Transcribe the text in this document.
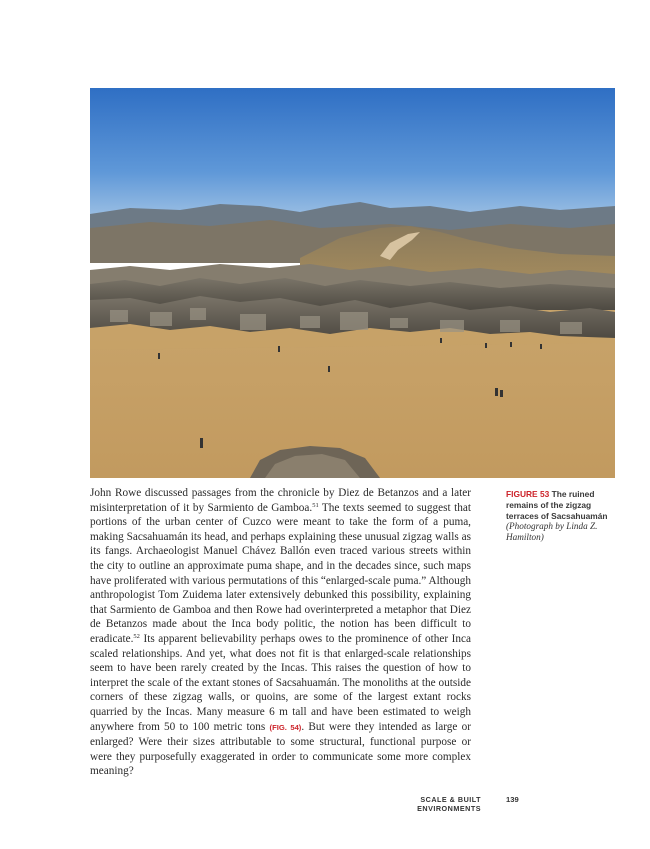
John Rowe discussed passages from the chronicle by Diez de Betanzos and a later misinterpretation of it by Sarmiento de Gamboa.$^{51}$ The texts seemed to suggest that portions of the urban center of Cuzco were meant to take the form of a puma, making Sacsahuamán its head, and perhaps explaining these unusual zigzag walls as its fangs. Archaeologist Manuel Chávez Ballón even traced various streets within the city to outline an approximate puma shape, and in the decades since, such maps have proliferated with various permutations of this “enlarged-scale puma.” Although anthropologist Tom Zuidema later extensively debunked this possibility, explaining that Sarmiento de Gamboa and then Rowe had overinterpreted a metaphor that Diez de Betanzos made about the Inca body politic, the notion has been difficult to eradicate.$^{52}$ Its apparent believability perhaps owes to the prominence of other Inca scaled relationships. And yet, what does not fit is that enlarged-scale relationships seem to have been rarely created by the Incas. This raises the question of how to interpret the scale of the extant stones of Sacsahuamán. The monoliths at the outside corners of these zigzag walls, or quoins, are some of the largest extant rocks quarried by the Incas. Many measure 6 m tall and have been estimated to weigh anywhere from 50 to 100 metric tons (FIG. 54). But were they intended as large or enlarged? Were their sizes attributable to some structural, functional purpose or were they purposefully exaggerated in order to communicate some more complex meaning?

FIGURE 53 The ruined remains of the zigzag terraces of Sacsahuamán (Photograph by Linda Z. Hamilton)

SCALE & BUILT ENVIRONMENTS
139
